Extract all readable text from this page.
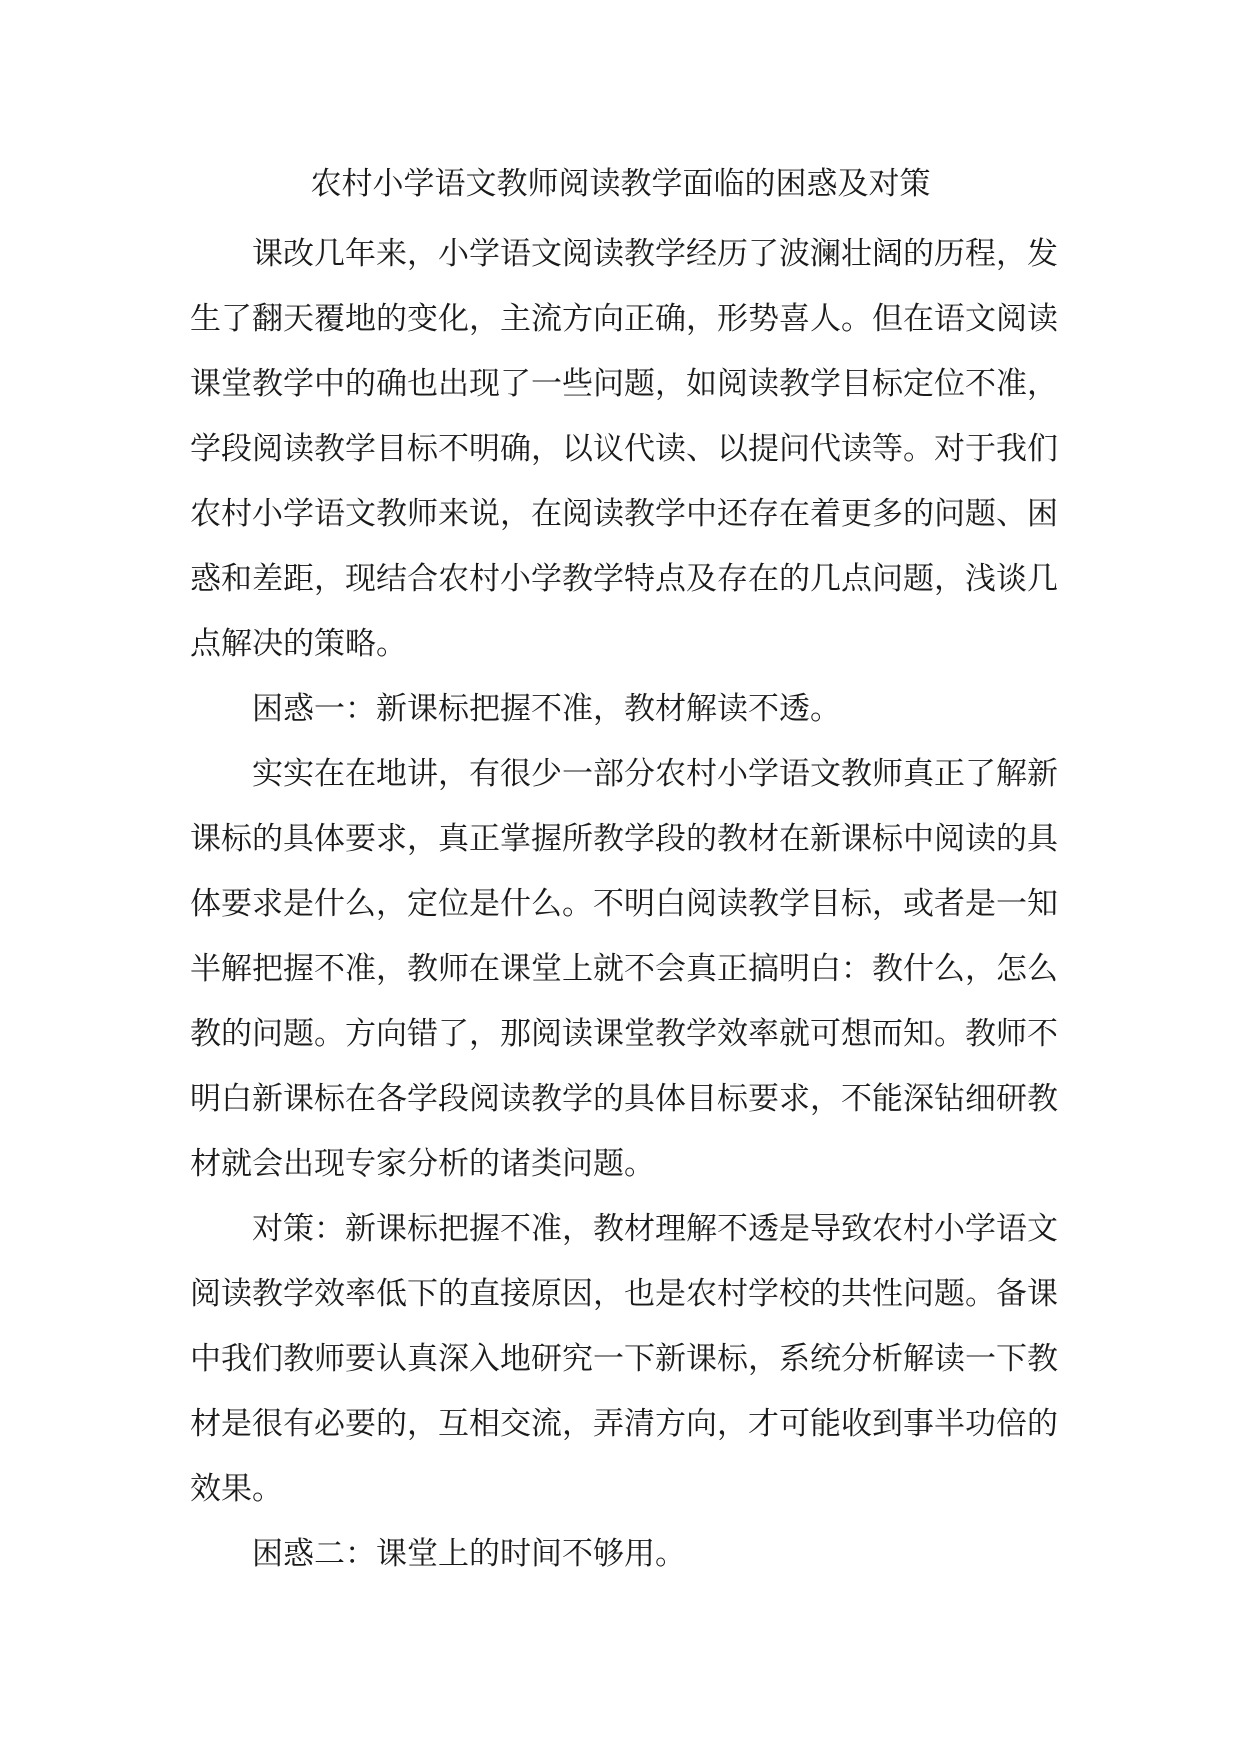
农村小学语文教师阅读教学面临的困惑及对策

课改几年来，小学语文阅读教学经历了波澜壮阔的历程，发生了翻天覆地的变化，主流方向正确，形势喜人。但在语文阅读课堂教学中的确也出现了一些问题，如阅读教学目标定位不准，学段阅读教学目标不明确，以议代读、以提问代读等。对于我们农村小学语文教师来说，在阅读教学中还存在着更多的问题、困惑和差距，现结合农村小学教学特点及存在的几点问题，浅谈几点解决的策略。

困惑一：新课标把握不准，教材解读不透。

实实在在地讲，有很少一部分农村小学语文教师真正了解新课标的具体要求，真正掌握所教学段的教材在新课标中阅读的具体要求是什么，定位是什么。不明白阅读教学目标，或者是一知半解把握不准，教师在课堂上就不会真正搞明白：教什么，怎么教的问题。方向错了，那阅读课堂教学效率就可想而知。教师不明白新课标在各学段阅读教学的具体目标要求，不能深钻细研教材就会出现专家分析的诸类问题。

对策：新课标把握不准，教材理解不透是导致农村小学语文阅读教学效率低下的直接原因，也是农村学校的共性问题。备课中我们教师要认真深入地研究一下新课标，系统分析解读一下教材是很有必要的，互相交流，弄清方向，才可能收到事半功倍的效果。

困惑二：课堂上的时间不够用。
